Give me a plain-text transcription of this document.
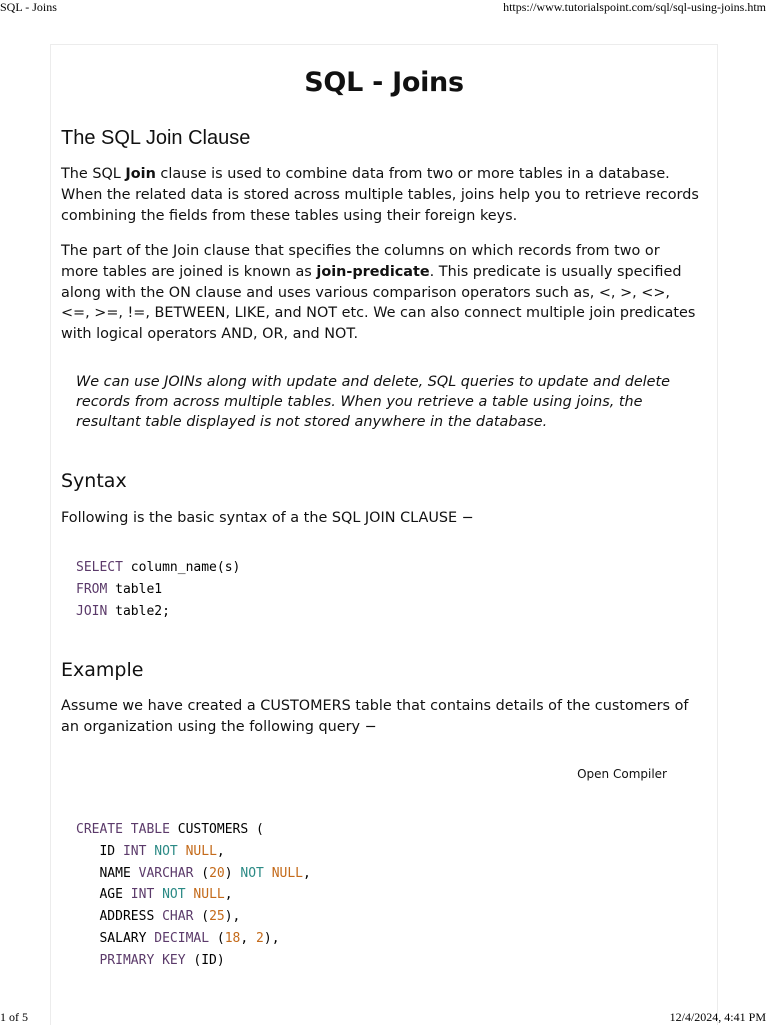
SQL - Joins	https://www.tutorialspoint.com/sql/sql-using-joins.htm
SQL - Joins
The SQL Join Clause

The SQL Join clause is used to combine data from two or more tables in a database. When the related data is stored across multiple tables, joins help you to retrieve records combining the fields from these tables using their foreign keys.

The part of the Join clause that specifies the columns on which records from two or more tables are joined is known as join-predicate. This predicate is usually specified along with the ON clause and uses various comparison operators such as, <, >, <>, <=, >=, !=, BETWEEN, LIKE, and NOT etc. We can also connect multiple join predicates with logical operators AND, OR, and NOT.

We can use JOINs along with update and delete, SQL queries to update and delete records from across multiple tables. When you retrieve a table using joins, the resultant table displayed is not stored anywhere in the database.

Syntax

Following is the basic syntax of a the SQL JOIN CLAUSE −

SELECT column_name(s)
FROM table1
JOIN table2;
Example

Assume we have created a CUSTOMERS table that contains details of the customers of an organization using the following query −

Open Compiler
CREATE TABLE CUSTOMERS (
ID INT NOT NULL,
NAME VARCHAR (20) NOT NULL,
AGE INT NOT NULL,
ADDRESS CHAR (25),
SALARY DECIMAL (18, 2),
PRIMARY KEY (ID)
1 of 5	12/4/2024, 4:41 PM
